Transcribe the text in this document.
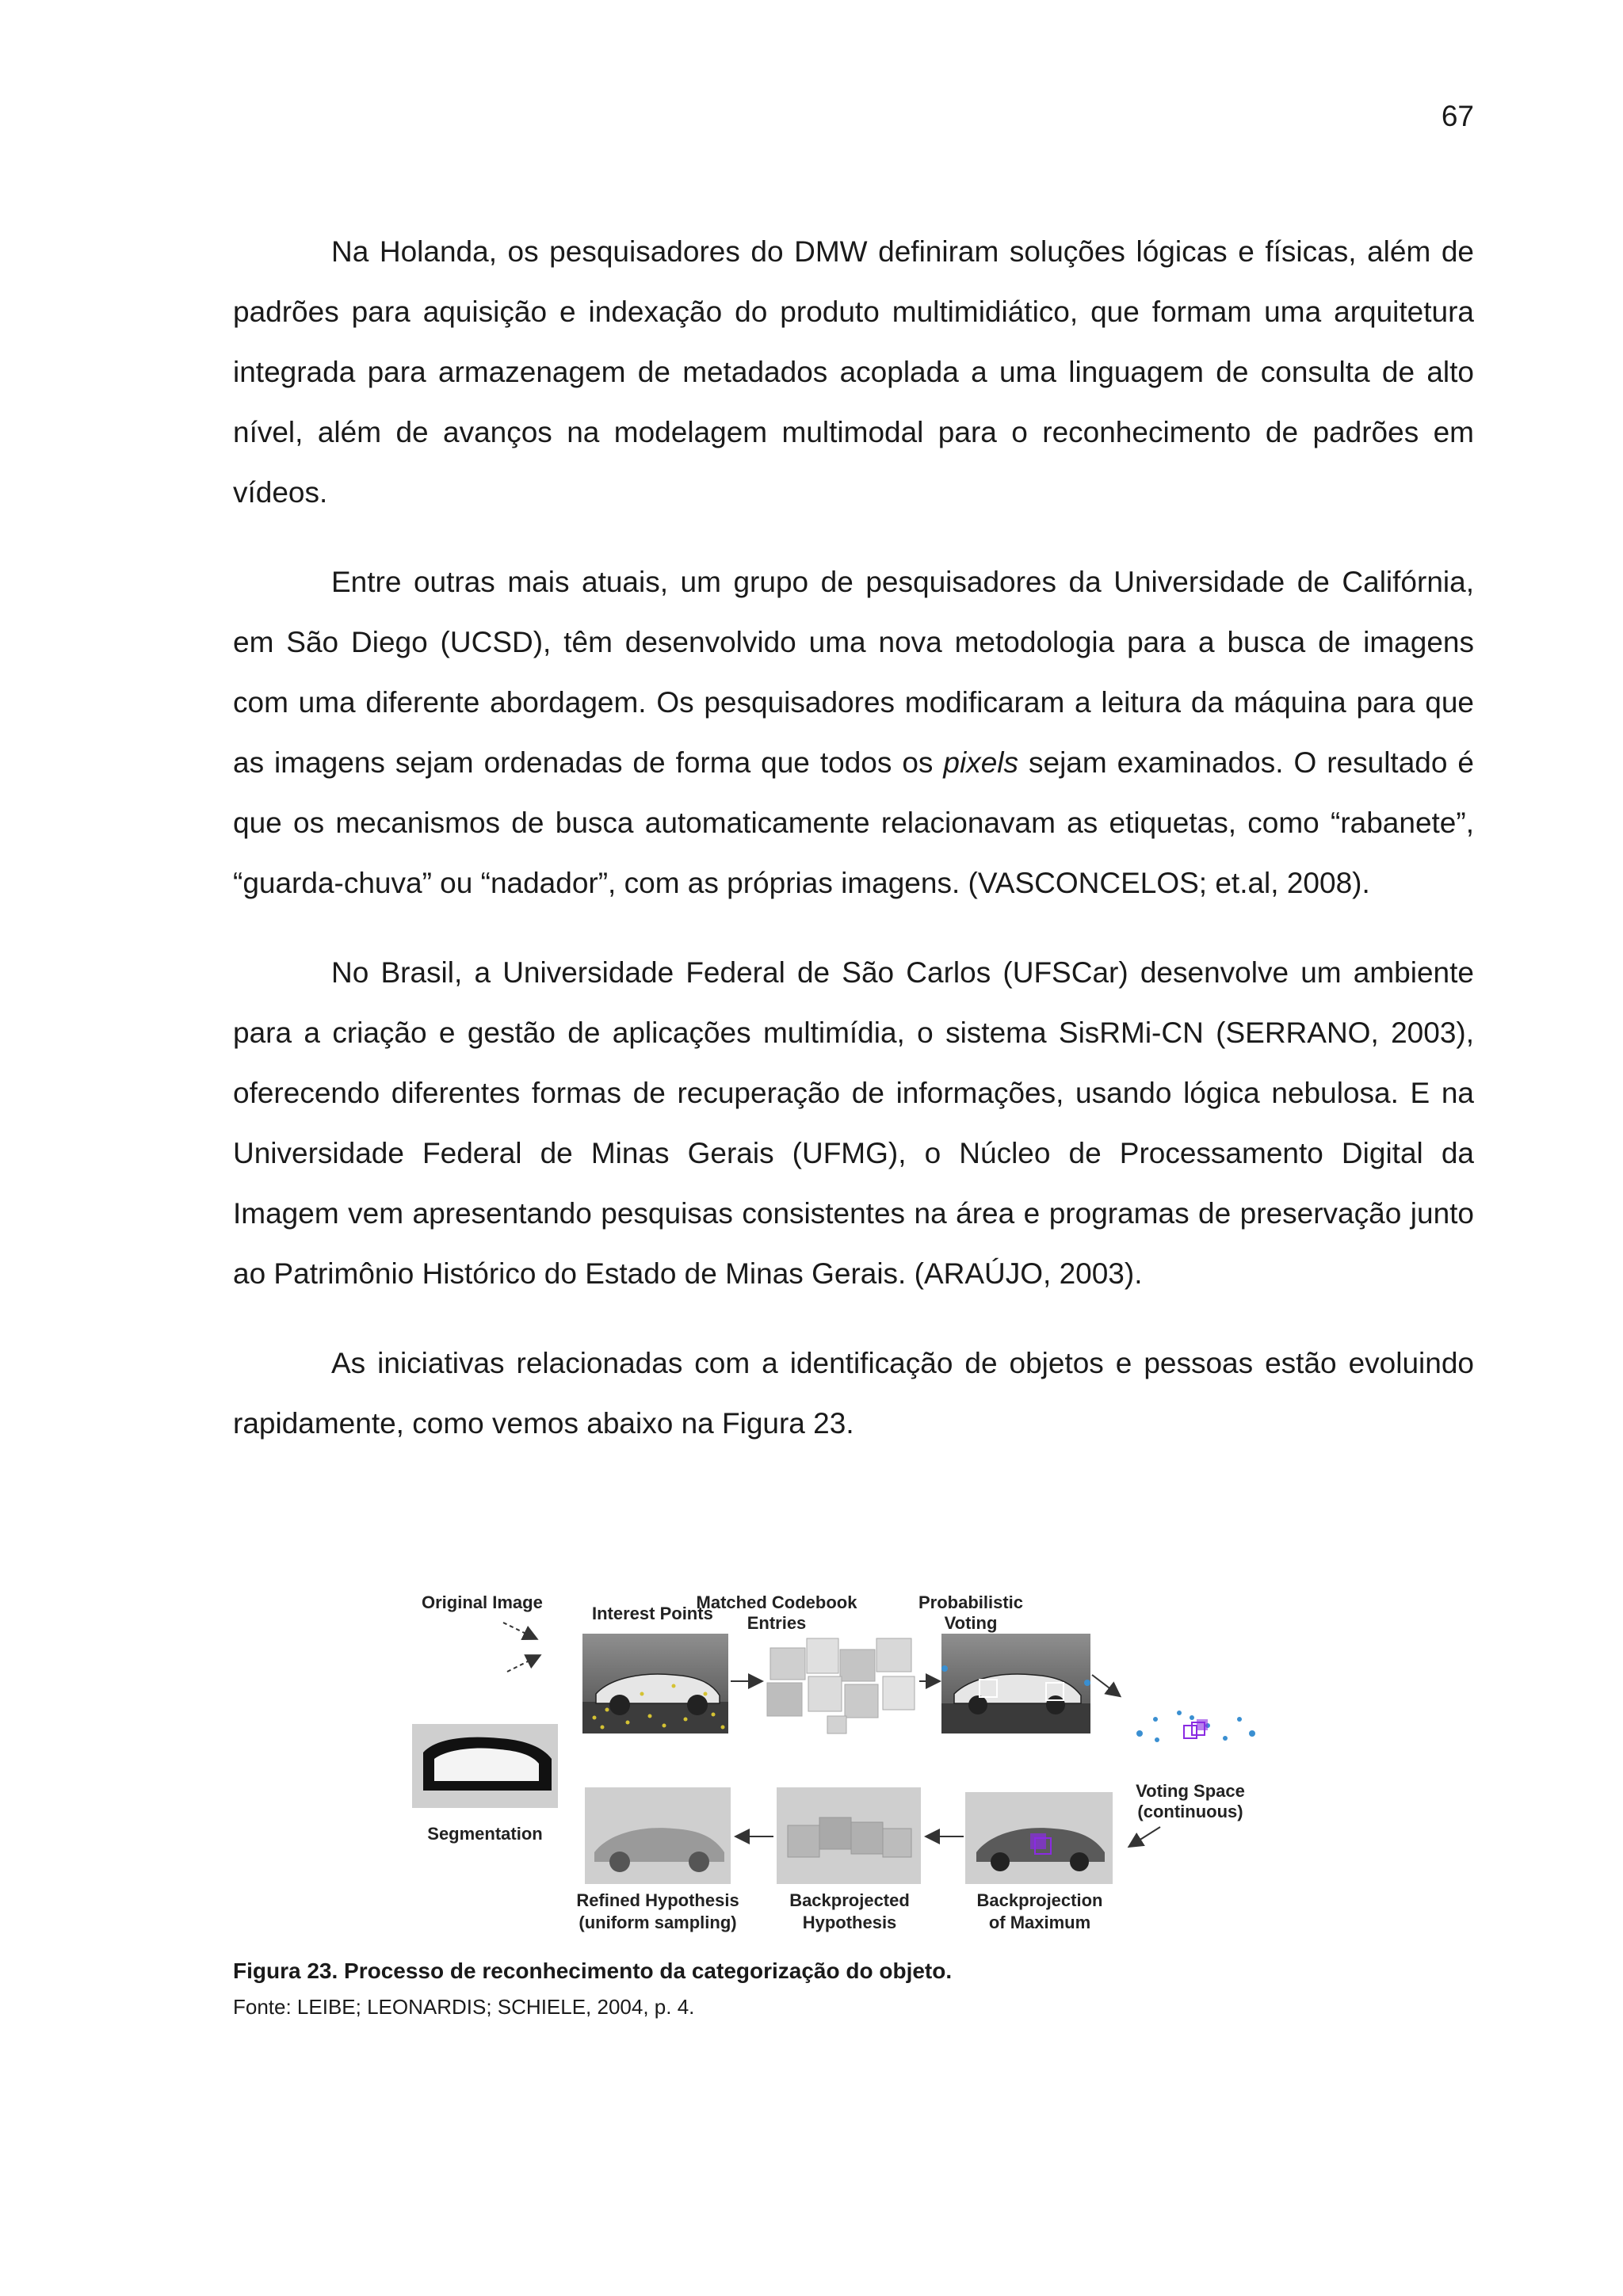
67

Na Holanda, os pesquisadores do DMW definiram soluções lógicas e físicas, além de padrões para aquisição e indexação do produto multimidiático, que formam uma arquitetura integrada para armazenagem de metadados acoplada a uma linguagem de consulta de alto nível, além de avanços na modelagem multimodal para o reconhecimento de padrões em vídeos.

Entre outras mais atuais, um grupo de pesquisadores da Universidade de Califórnia, em São Diego (UCSD), têm desenvolvido uma nova metodologia para a busca de imagens com uma diferente abordagem. Os pesquisadores modificaram a leitura da máquina para que as imagens sejam ordenadas de forma que todos os pixels sejam examinados. O resultado é que os mecanismos de busca automaticamente relacionavam as etiquetas, como “rabanete”, “guarda-chuva” ou “nadador”, com as próprias imagens. (VASCONCELOS; et.al, 2008).

No Brasil, a Universidade Federal de São Carlos (UFSCar) desenvolve um ambiente para a criação e gestão de aplicações multimídia, o sistema SisRMi-CN (SERRANO, 2003), oferecendo diferentes formas de recuperação de informações, usando lógica nebulosa. E na Universidade Federal de Minas Gerais (UFMG), o Núcleo de Processamento Digital da Imagem vem apresentando pesquisas consistentes na área e programas de preservação junto ao Patrimônio Histórico do Estado de Minas Gerais. (ARAÚJO, 2003).

As iniciativas relacionadas com a identificação de objetos e pessoas estão evoluindo rapidamente, como vemos abaixo na Figura 23.

Original Image
Interest Points
Matched Codebook
Entries
Probabilistic
Voting
Voting Space
(continuous)
Segmentation
Refined Hypothesis
(uniform sampling)
Backprojected
Hypothesis
Backprojection
of Maximum
Figura 23. Processo de reconhecimento da categorização do objeto.
Fonte: LEIBE; LEONARDIS; SCHIELE, 2004, p. 4.
